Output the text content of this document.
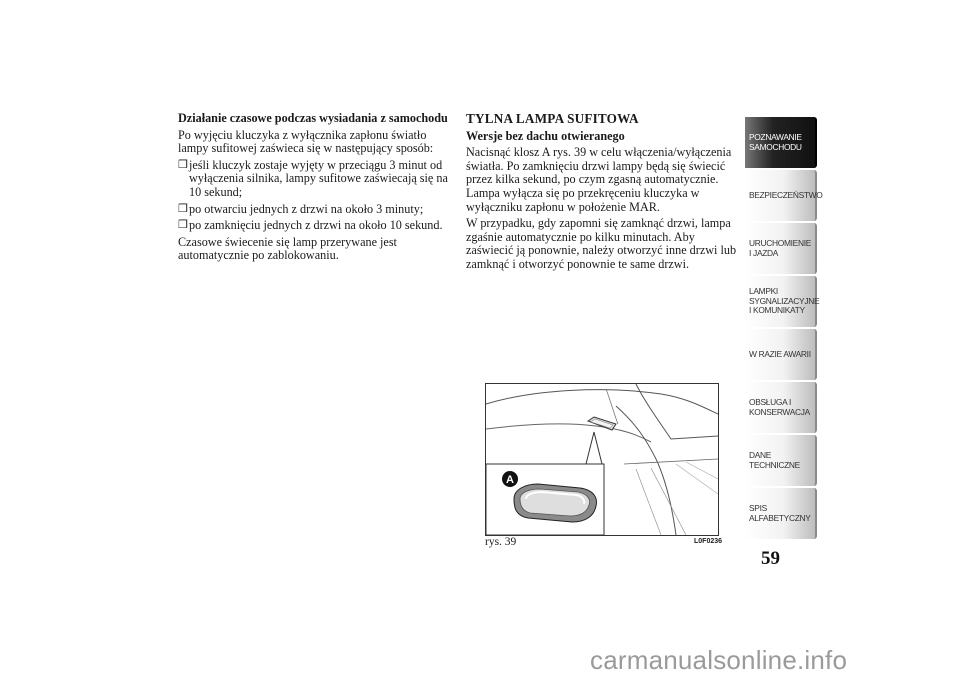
Działanie czasowe podczas wysiadania z samochodu

Po wyjęciu kluczyka z wyłącznika zapłonu światło lampy sufitowej zaświeca się w następujący sposób:

❒ jeśli kluczyk zostaje wyjęty w przeciągu 3 minut od wyłączenia silnika, lampy sufitowe zaświecają się na 10 sekund;
❒ po otwarciu jednych z drzwi na około 3 minuty;
❒ po zamknięciu jednych z drzwi na około 10 sekund.

Czasowe świecenie się lamp przerywane jest automatycznie po zablokowaniu.

TYLNA LAMPA SUFITOWA

Wersje bez dachu otwieranego

Nacisnąć klosz A rys. 39 w celu włączenia/wyłączenia światła. Po zamknięciu drzwi lampy będą się świecić przez kilka sekund, po czym zgasną automatycznie. Lampa wyłącza się po przekręceniu kluczyka w wyłączniku zapłonu w położenie MAR.

W przypadku, gdy zapomni się zamknąć drzwi, lampa zgaśnie automatycznie po kilku minutach. Aby zaświecić ją ponownie, należy otworzyć inne drzwi lub zamknąć i otworzyć ponownie te same drzwi.

A
rys. 39	L0F0236
POZNAWANIE SAMOCHODU
BEZPIECZEŃSTWO
URUCHOMIENIE I JAZDA
LAMPKI SYGNALIZACYJNE I KOMUNIKATY
W RAZIE AWARII
OBSŁUGA I KONSERWACJA
DANE TECHNICZNE
SPIS ALFABETYCZNY
59
carmanualsonline.info
